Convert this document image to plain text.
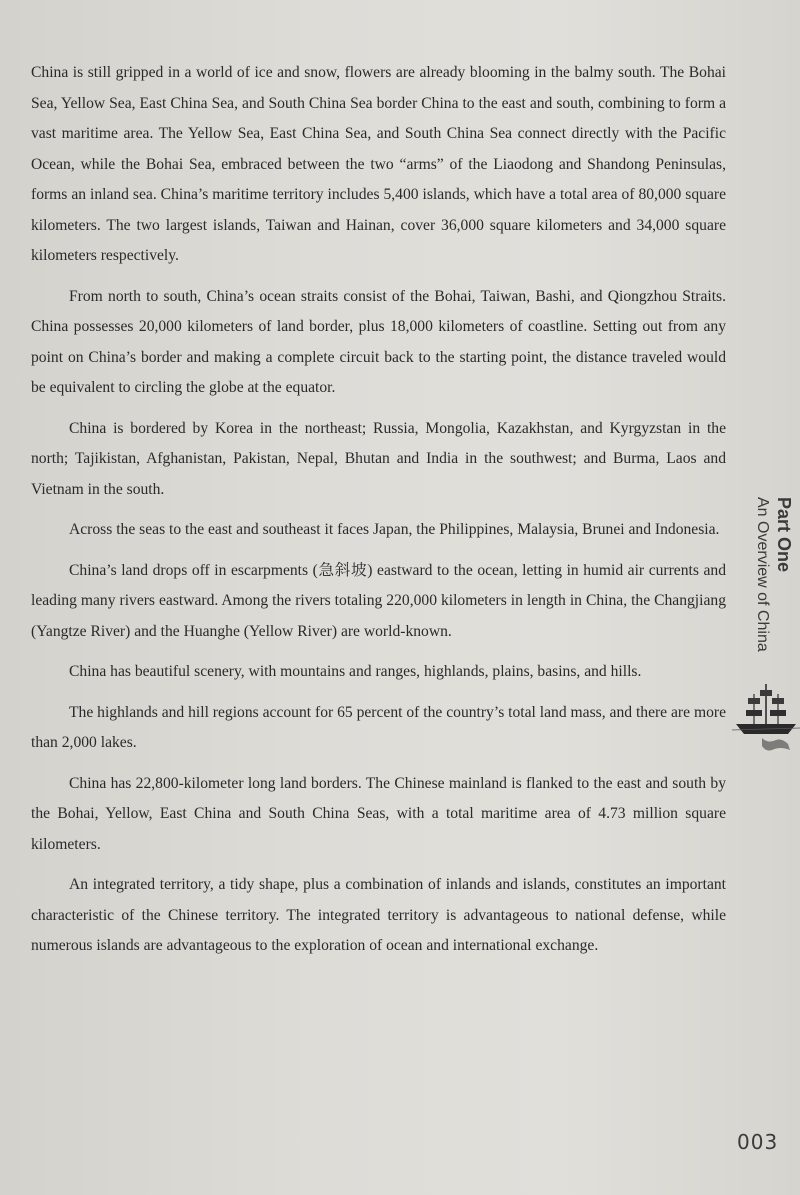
China is still gripped in a world of ice and snow, flowers are already blooming in the balmy south. The Bohai Sea, Yellow Sea, East China Sea, and South China Sea border China to the east and south, combining to form a vast maritime area. The Yellow Sea, East China Sea, and South China Sea connect directly with the Pacific Ocean, while the Bohai Sea, embraced between the two “arms” of the Liaodong and Shandong Peninsulas, forms an inland sea. China’s maritime territory includes 5,400 islands, which have a total area of 80,000 square kilometers. The two largest islands, Taiwan and Hainan, cover 36,000 square kilometers and 34,000 square kilometers respectively.

From north to south, China’s ocean straits consist of the Bohai, Taiwan, Bashi, and Qiongzhou Straits. China possesses 20,000 kilometers of land border, plus 18,000 kilometers of coastline. Setting out from any point on China’s border and making a complete circuit back to the starting point, the distance traveled would be equivalent to circling the globe at the equator.

China is bordered by Korea in the northeast; Russia, Mongolia, Kazakhstan, and Kyrgyzstan in the north; Tajikistan, Afghanistan, Pakistan, Nepal, Bhutan and India in the southwest; and Burma, Laos and Vietnam in the south.

Across the seas to the east and southeast it faces Japan, the Philippines, Malaysia, Brunei and Indonesia.

China’s land drops off in escarpments (急斜坡) eastward to the ocean, letting in humid air currents and leading many rivers eastward. Among the rivers totaling 220,000 kilometers in length in China, the Changjiang (Yangtze River) and the Huanghe (Yellow River) are world-known.

China has beautiful scenery, with mountains and ranges, highlands, plains, basins, and hills.

The highlands and hill regions account for 65 percent of the country’s total land mass, and there are more than 2,000 lakes.

China has 22,800-kilometer long land borders. The Chinese mainland is flanked to the east and south by the Bohai, Yellow, East China and South China Seas, with a total maritime area of 4.73 million square kilometers.

An integrated territory, a tidy shape, plus a combination of inlands and islands, constitutes an important characteristic of the Chinese territory. The integrated territory is advantageous to national defense, while numerous islands are advantageous to the exploration of ocean and international exchange.

Part One
An Overview of China
003
